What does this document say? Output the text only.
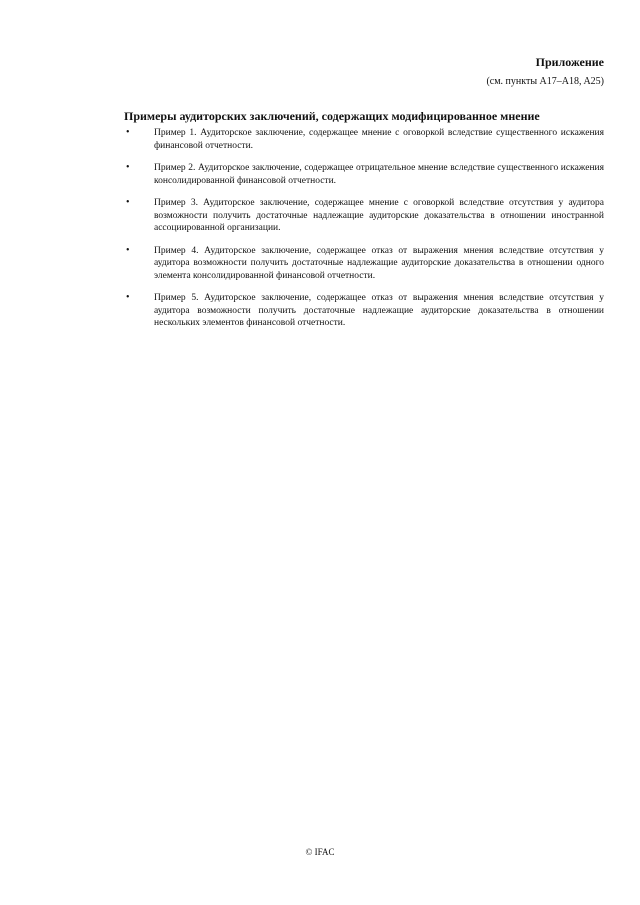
Приложение
(см. пункты A17–A18, A25)
Примеры аудиторских заключений, содержащих модифицированное мнение
•	Пример 1. Аудиторское заключение, содержащее мнение с оговоркой вследствие существенного искажения финансовой отчетности.
•	Пример 2. Аудиторское заключение, содержащее отрицательное мнение вследствие существенного искажения консолидированной финансовой отчетности.
•	Пример 3. Аудиторское заключение, содержащее мнение с оговоркой вследствие отсутствия у аудитора возможности получить достаточные надлежащие аудиторские доказательства в отношении иностранной ассоциированной организации.
•	Пример 4. Аудиторское заключение, содержащее отказ от выражения мнения вследствие отсутствия у аудитора возможности получить достаточные надлежащие аудиторские доказательства в отношении одного элемента консолидированной финансовой отчетности.
•	Пример 5. Аудиторское заключение, содержащее отказ от выражения мнения вследствие отсутствия у аудитора возможности получить достаточные надлежащие аудиторские доказательства в отношении нескольких элементов финансовой отчетности.
© IFAC
